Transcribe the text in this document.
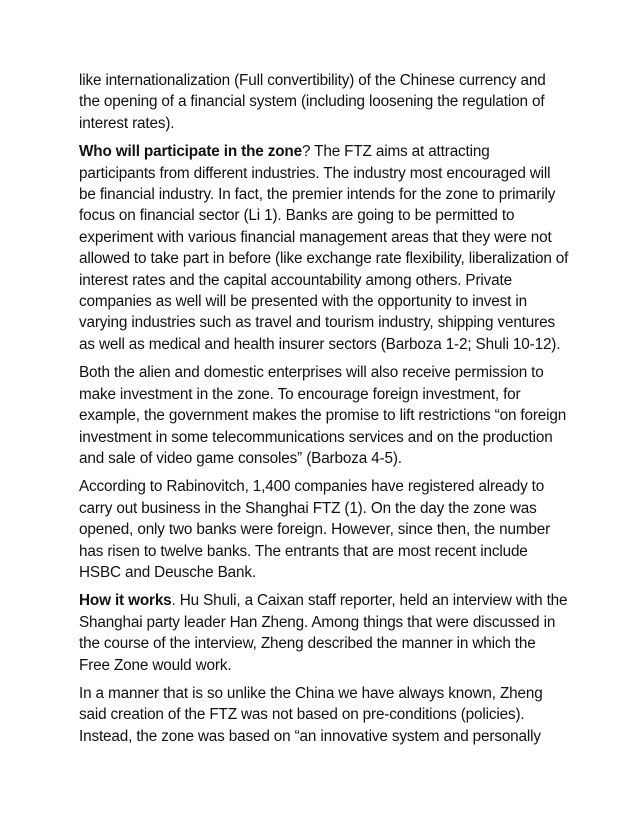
like internationalization (Full convertibility) of the Chinese currency and the opening of a financial system (including loosening the regulation of interest rates).

Who will participate in the zone? The FTZ aims at attracting participants from different industries. The industry most encouraged will be financial industry. In fact, the premier intends for the zone to primarily focus on financial sector (Li 1). Banks are going to be permitted to experiment with various financial management areas that they were not allowed to take part in before (like exchange rate flexibility, liberalization of interest rates and the capital accountability among others. Private companies as well will be presented with the opportunity to invest in varying industries such as travel and tourism industry, shipping ventures as well as medical and health insurer sectors (Barboza 1-2; Shuli 10-12).

Both the alien and domestic enterprises will also receive permission to make investment in the zone. To encourage foreign investment, for example, the government makes the promise to lift restrictions “on foreign investment in some telecommunications services and on the production and sale of video game consoles” (Barboza 4-5).

According to Rabinovitch, 1,400 companies have registered already to carry out business in the Shanghai FTZ (1). On the day the zone was opened, only two banks were foreign. However, since then, the number has risen to twelve banks. The entrants that are most recent include HSBC and Deusche Bank.

How it works. Hu Shuli, a Caixan staff reporter, held an interview with the Shanghai party leader Han Zheng. Among things that were discussed in the course of the interview, Zheng described the manner in which the Free Zone would work.

In a manner that is so unlike the China we have always known, Zheng said creation of the FTZ was not based on pre-conditions (policies). Instead, the zone was based on “an innovative system and personally
